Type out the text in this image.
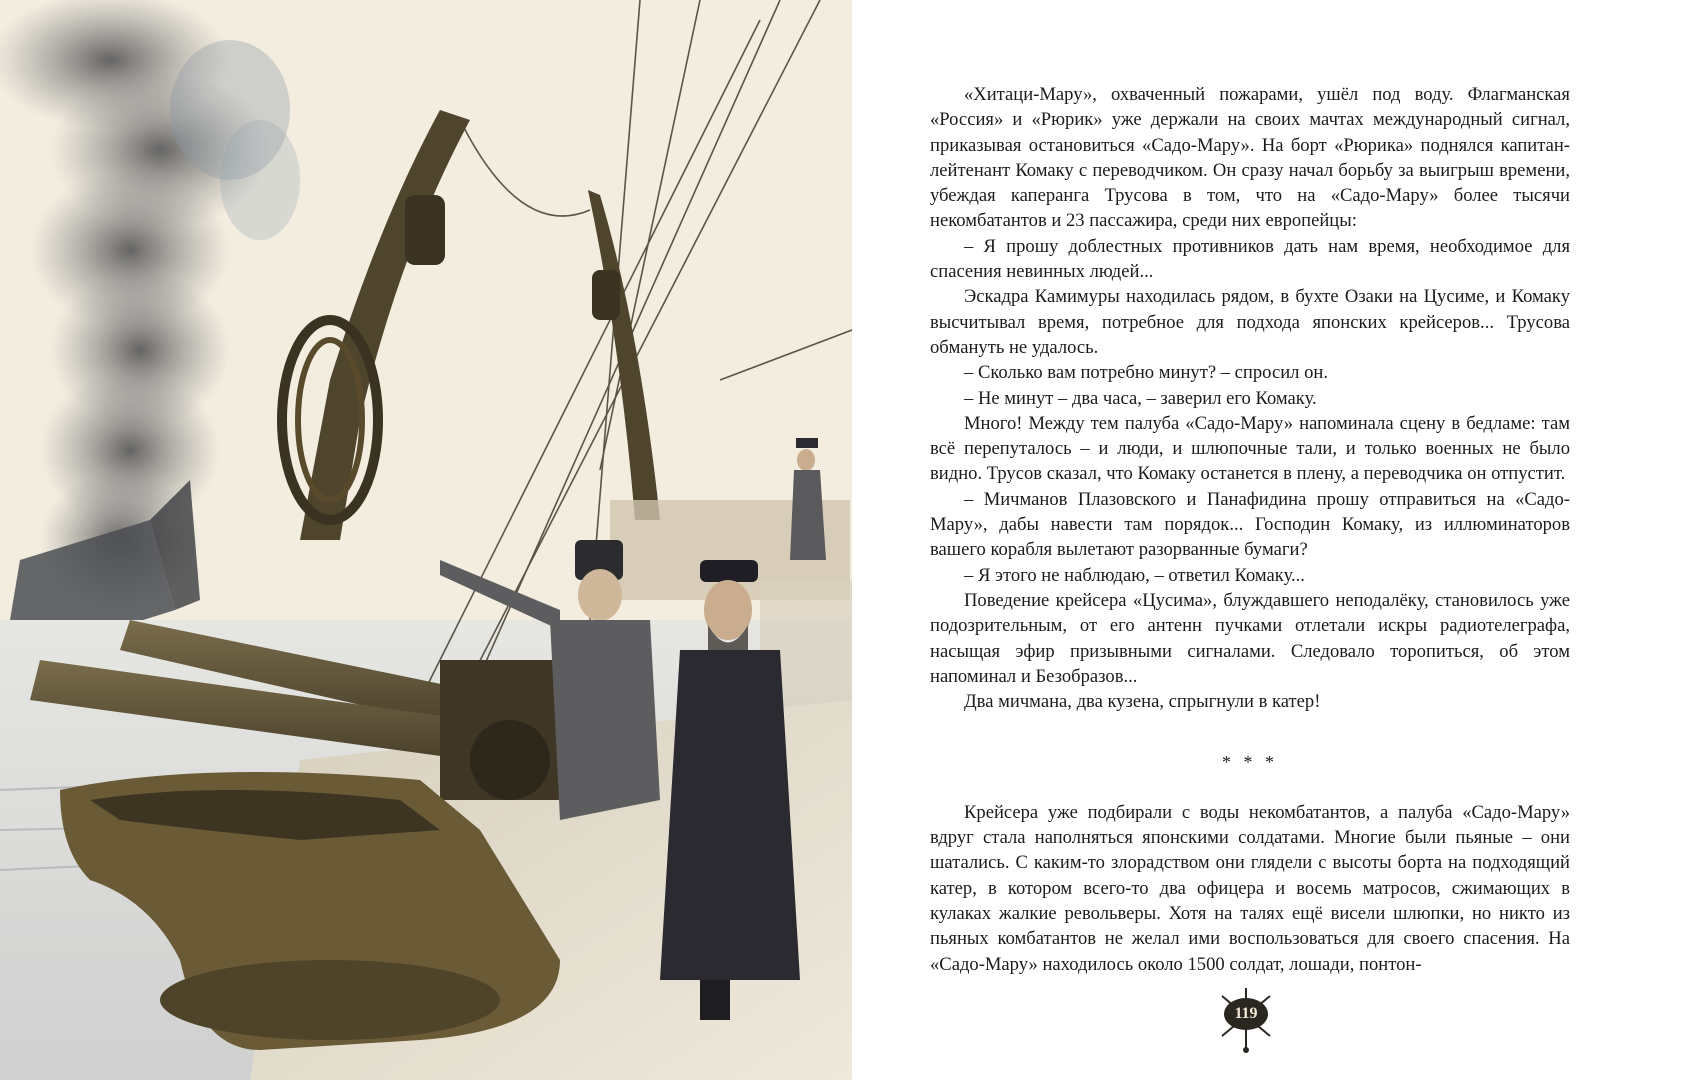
«Хитаци-Мару», охваченный пожарами, ушёл под воду. Флагманская «Россия» и «Рюрик» уже держали на своих мачтах международный сигнал, приказывая остановиться «Садо-Мару». На борт «Рюрика» поднялся капитан-лейтенант Комаку с переводчиком. Он сразу начал борьбу за выигрыш времени, убеждая каперанга Трусова в том, что на «Садо-Мару» более тысячи некомбатантов и 23 пассажира, среди них европейцы:

– Я прошу доблестных противников дать нам время, необходимое для спасения невинных людей...

Эскадра Камимуры находилась рядом, в бухте Озаки на Цусиме, и Комаку высчитывал время, потребное для подхода японских крейсеров... Трусова обмануть не удалось.

– Сколько вам потребно минут? – спросил он.

– Не минут – два часа, – заверил его Комаку.

Много! Между тем палуба «Садо-Мару» напоминала сцену в бедламе: там всё перепуталось – и люди, и шлюпочные тали, и только военных не было видно. Трусов сказал, что Комаку останется в плену, а переводчика он отпустит.

– Мичманов Плазовского и Панафидина прошу отправиться на «Садо-Мару», дабы навести там порядок... Господин Комаку, из иллюминаторов вашего корабля вылетают разорванные бумаги?

– Я этого не наблюдаю, – ответил Комаку...

Поведение крейсера «Цусима», блуждавшего неподалёку, становилось уже подозрительным, от его антенн пучками отлетали искры радиотелеграфа, насыщая эфир призывными сигналами. Следовало торопиться, об этом напоминал и Безобразов...

Два мичмана, два кузена, спрыгнули в катер!

* * *

Крейсера уже подбирали с воды некомбатантов, а палуба «Садо-Мару» вдруг стала наполняться японскими солдатами. Многие были пьяные – они шатались. С каким-то злорадством они глядели с высоты борта на подходящий катер, в котором всего-то два офицера и восемь матросов, сжимающих в кулаках жалкие револьверы. Хотя на талях ещё висели шлюпки, но никто из пьяных комбатантов не желал ими воспользоваться для своего спасения. На «Садо-Мару» находилось около 1500 солдат, лошади, понтон-

119
